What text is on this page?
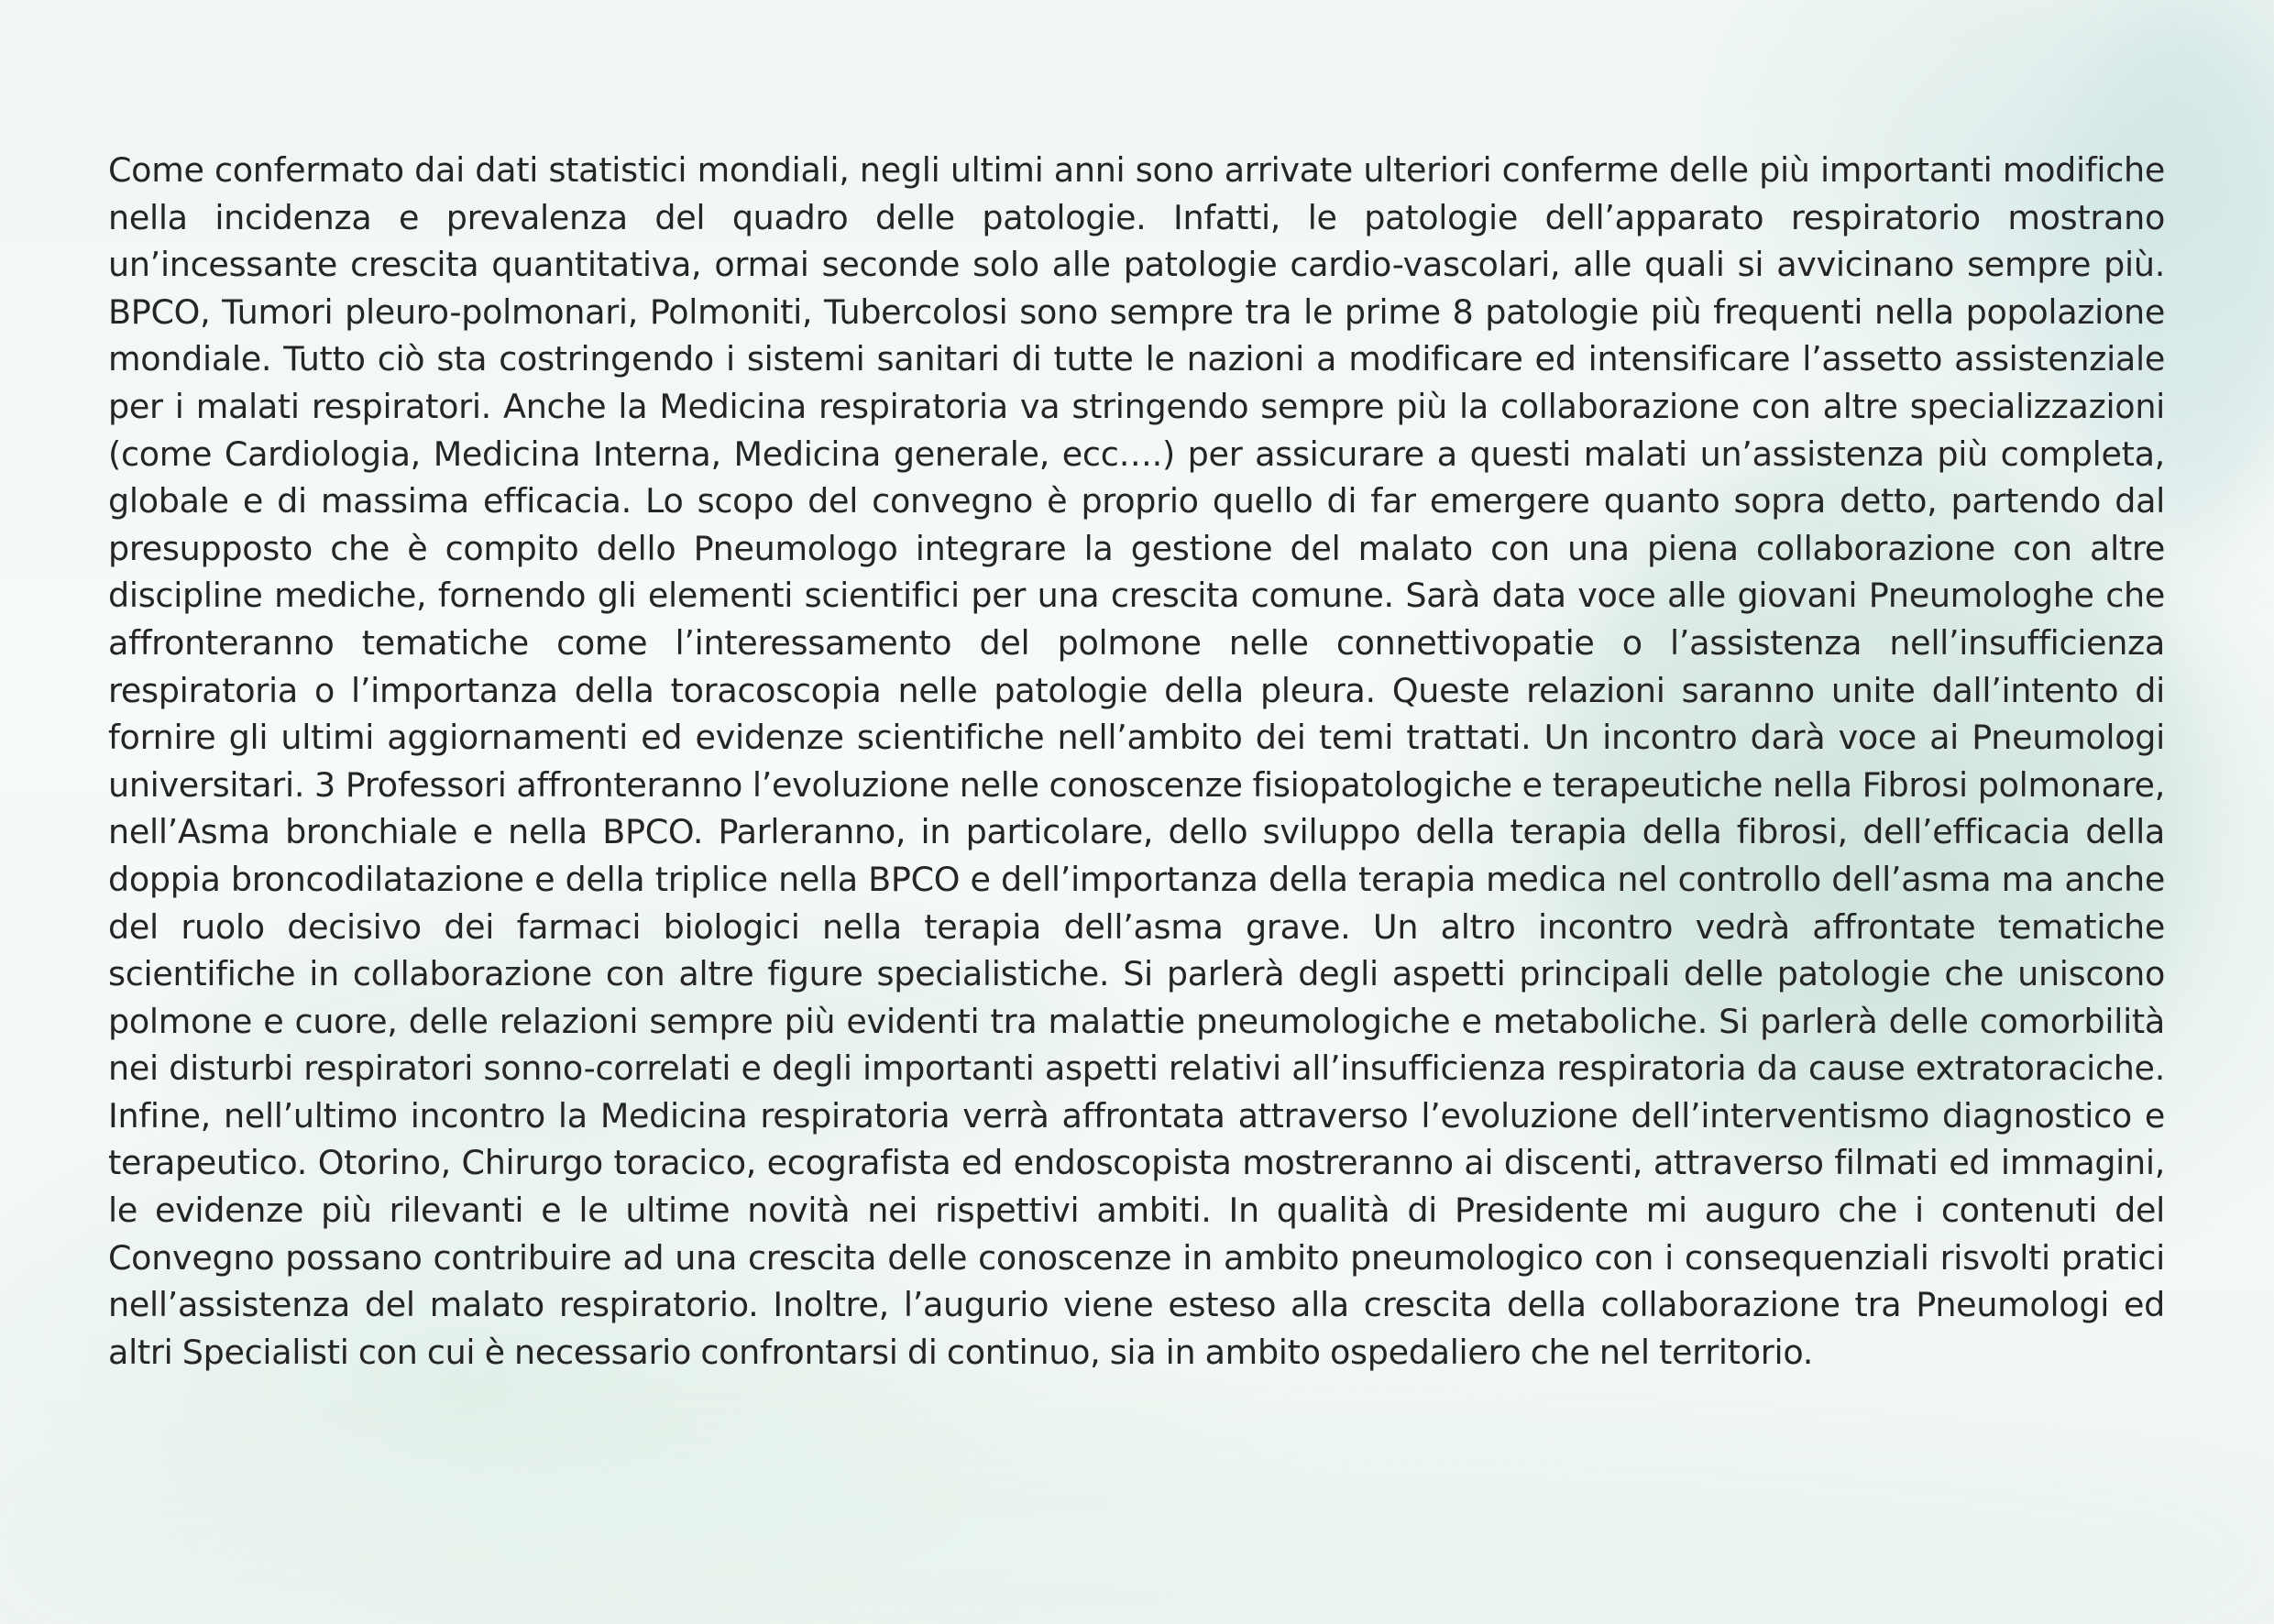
Come confermato dai dati statistici mondiali, negli ultimi anni sono arrivate ulteriori conferme delle più importanti modifiche nella incidenza e prevalenza del quadro delle patologie. Infatti, le patologie dell’apparato respiratorio mostrano un’incessante crescita quantitativa, ormai seconde solo alle patologie cardio-vascolari, alle quali si avvicinano sempre più. BPCO, Tumori pleuro-polmonari, Polmoniti, Tubercolosi sono sempre tra le prime 8 patologie più frequenti nella popolazione mondiale. Tutto ciò sta costringendo i sistemi sanitari di tutte le nazioni a modificare ed intensificare l’assetto assistenziale per i malati respiratori. Anche la Medicina respiratoria va stringendo sempre più la collaborazione con altre specializzazioni (come Cardiologia, Medicina Interna, Medicina generale, ecc….) per assicurare a questi malati un’assistenza più completa, globale e di massima efficacia. Lo scopo del convegno è proprio quello di far emergere quanto sopra detto, partendo dal presupposto che è compito dello Pneumologo integrare la gestione del malato con una piena collaborazione con altre discipline mediche, fornendo gli elementi scientifici per una crescita comune. Sarà data voce alle giovani Pneumologhe che affronteranno tematiche come l’interessamento del polmone nelle connettivopatie o l’assistenza nell’insufficienza respiratoria o l’importanza della toracoscopia nelle patologie della pleura. Queste relazioni saranno unite dall’intento di fornire gli ultimi aggiornamenti ed evidenze scientifiche nell’ambito dei temi trattati. Un incontro darà voce ai Pneumologi universitari. 3 Professori affronteranno l’evoluzione nelle conoscenze fisiopatologiche e terapeutiche nella Fibrosi polmonare, nell’Asma bronchiale e nella BPCO. Parleranno, in particolare, dello sviluppo della terapia della fibrosi, dell’efficacia della doppia broncodilatazione e della triplice nella BPCO e dell’importanza della terapia medica nel controllo dell’asma ma anche del ruolo decisivo dei farmaci biologici nella terapia dell’asma grave. Un altro incontro vedrà affrontate tematiche scientifiche in collaborazione con altre figure specialistiche. Si parlerà degli aspetti principali delle patologie che uniscono polmone e cuore, delle relazioni sempre più evidenti tra malattie pneumologiche e metaboliche. Si parlerà delle comorbilità nei disturbi respiratori sonno-correlati e degli importanti aspetti relativi all’insufficienza respiratoria da cause extratoraciche. Infine, nell’ultimo incontro la Medicina respiratoria verrà affrontata attraverso l’evoluzione dell’interventismo diagnostico e terapeutico. Otorino, Chirurgo toracico, ecografista ed endoscopista mostreranno ai discenti, attraverso filmati ed immagini, le evidenze più rilevanti e le ultime novità nei rispettivi ambiti. In qualità di Presidente mi auguro che i contenuti del Convegno possano contribuire ad una crescita delle conoscenze in ambito pneumologico con i consequenziali risvolti pratici nell’assistenza del malato respiratorio. Inoltre, l’augurio viene esteso alla crescita della collaborazione tra Pneumologi ed altri Specialisti con cui è necessario confrontarsi di continuo, sia in ambito ospedaliero che nel territorio.
